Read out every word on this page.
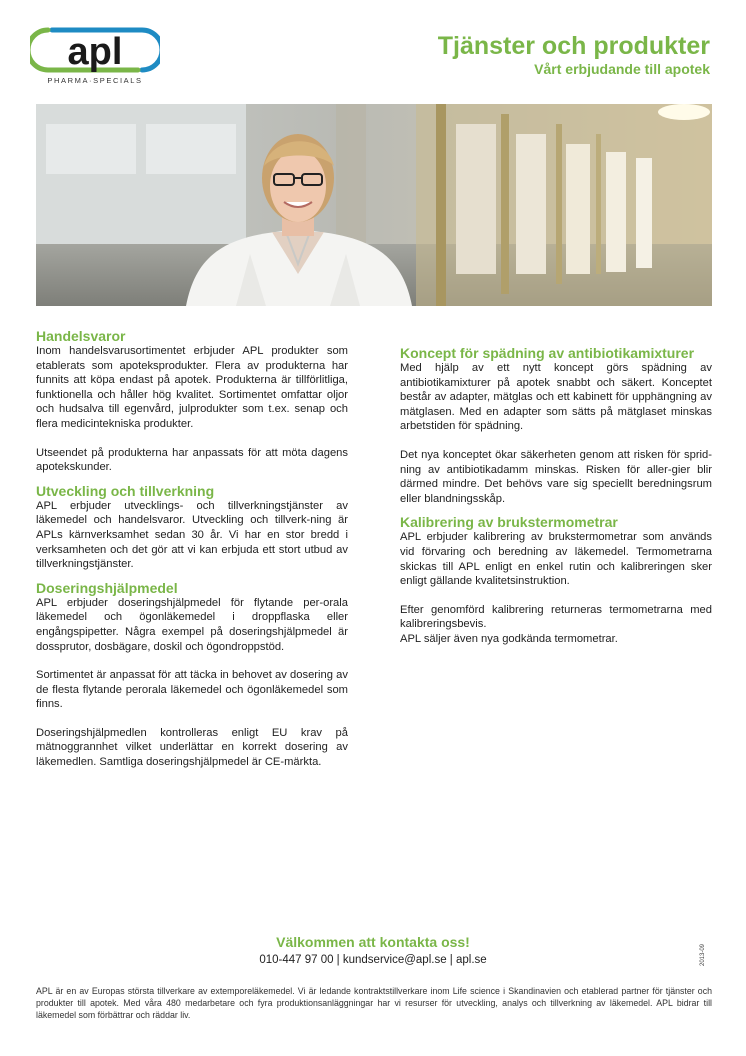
apl
PHARMA·SPECIALS
Tjänster och produkter
Vårt erbjudande till apotek
Handelsvaror

Inom handelsvarusortimentet erbjuder APL produkter som etablerats som apoteksprodukter. Flera av produkterna har funnits att köpa endast på apotek. Produkterna är tillförlitliga, funktionella och håller hög kvalitet. Sortimentet omfattar oljor och hudsalva till egenvård, julprodukter som t.ex. senap och flera medicintekniska produkter.

Utseendet på produkterna har anpassats för att möta dagens apotekskunder.

Utveckling och tillverkning

APL erbjuder utvecklings- och tillverkningstjänster av läkemedel och handelsvaror. Utveckling och tillverk-ning är APLs kärnverksamhet sedan 30 år. Vi har en stor bredd i verksamheten och det gör att vi kan erbjuda ett stort utbud av tillverkningstjänster.

Doseringshjälpmedel

APL erbjuder doseringshjälpmedel för flytande per-orala läkemedel och ögonläkemedel i droppflaska eller engångspipetter. Några exempel på doseringshjälpmedel är dossprutor, dosbägare, doskil och ögondroppstöd.

Sortimentet är anpassat för att täcka in behovet av dosering av de flesta flytande perorala läkemedel och ögonläkemedel som finns.

Doseringshjälpmedlen kontrolleras enligt EU krav på mätnoggrannhet vilket underlättar en korrekt dosering av läkemedlen. Samtliga doseringshjälpmedel är CE-märkta.

Koncept för spädning av antibiotikamixturer

Med hjälp av ett nytt koncept görs spädning av antibiotikamixturer på apotek snabbt och säkert. Konceptet består av adapter, mätglas och ett kabinett för upphängning av mätglasen. Med en adapter som sätts på mätglaset minskas arbetstiden för spädning.

Det nya konceptet ökar säkerheten genom att risken för sprid-ning av antibiotikadamm minskas. Risken för aller-gier blir därmed mindre. Det behövs vare sig speciellt beredningsrum eller blandningsskåp.

Kalibrering av brukstermometrar

APL erbjuder kalibrering av brukstermometrar som används vid förvaring och beredning av läkemedel. Termometrarna skickas till APL enligt en enkel rutin och kalibreringen sker enligt gällande kvalitetsinstruktion.

Efter genomförd kalibrering returneras termometrarna med kalibreringsbevis.

APL säljer även nya godkända termometrar.

Välkommen att kontakta oss!
010-447 97 00 | kundservice@apl.se | apl.se	2013-09

APL är en av Europas största tillverkare av extemporeläkemedel. Vi är ledande kontraktstillverkare inom Life science i Skandinavien och etablerad partner för tjänster och produkter till apotek. Med våra 480 medarbetare och fyra produktionsanläggningar har vi resurser för utveckling, analys och tillverkning av läkemedel. APL bidrar till läkemedel som förbättrar och räddar liv.
